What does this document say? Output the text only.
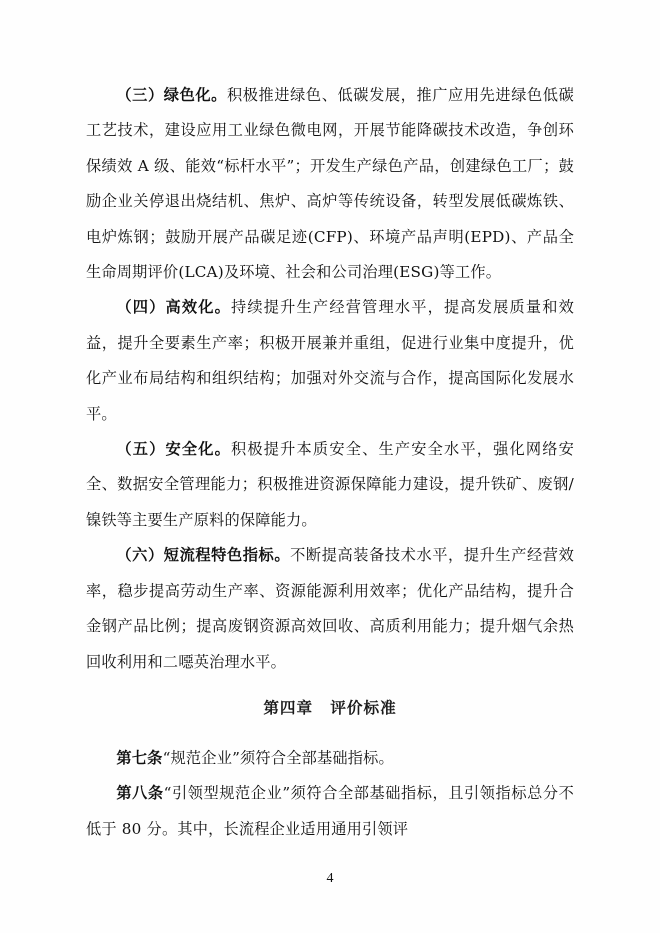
（三）绿色化。积极推进绿色、低碳发展，推广应用先进绿色低碳工艺技术，建设应用工业绿色微电网，开展节能降碳技术改造，争创环保绩效 A 级、能效“标杆水平”；开发生产绿色产品，创建绿色工厂；鼓励企业关停退出烧结机、焦炉、高炉等传统设备，转型发展低碳炼铁、电炉炼钢；鼓励开展产品碳足迹(CFP)、环境产品声明(EPD)、产品全生命周期评价(LCA)及环境、社会和公司治理(ESG)等工作。

（四）高效化。持续提升生产经营管理水平，提高发展质量和效益，提升全要素生产率；积极开展兼并重组，促进行业集中度提升，优化产业布局结构和组织结构；加强对外交流与合作，提高国际化发展水平。

（五）安全化。积极提升本质安全、生产安全水平，强化网络安全、数据安全管理能力；积极推进资源保障能力建设，提升铁矿、废钢/镍铁等主要生产原料的保障能力。

（六）短流程特色指标。不断提高装备技术水平，提升生产经营效率，稳步提高劳动生产率、资源能源利用效率；优化产品结构，提升合金钢产品比例；提高废钢资源高效回收、高质利用能力；提升烟气余热回收利用和二噁英治理水平。

第四章 评价标准

第七条“规范企业”须符合全部基础指标。

第八条“引领型规范企业”须符合全部基础指标，且引领指标总分不低于 80 分。其中，长流程企业适用通用引领评

4
